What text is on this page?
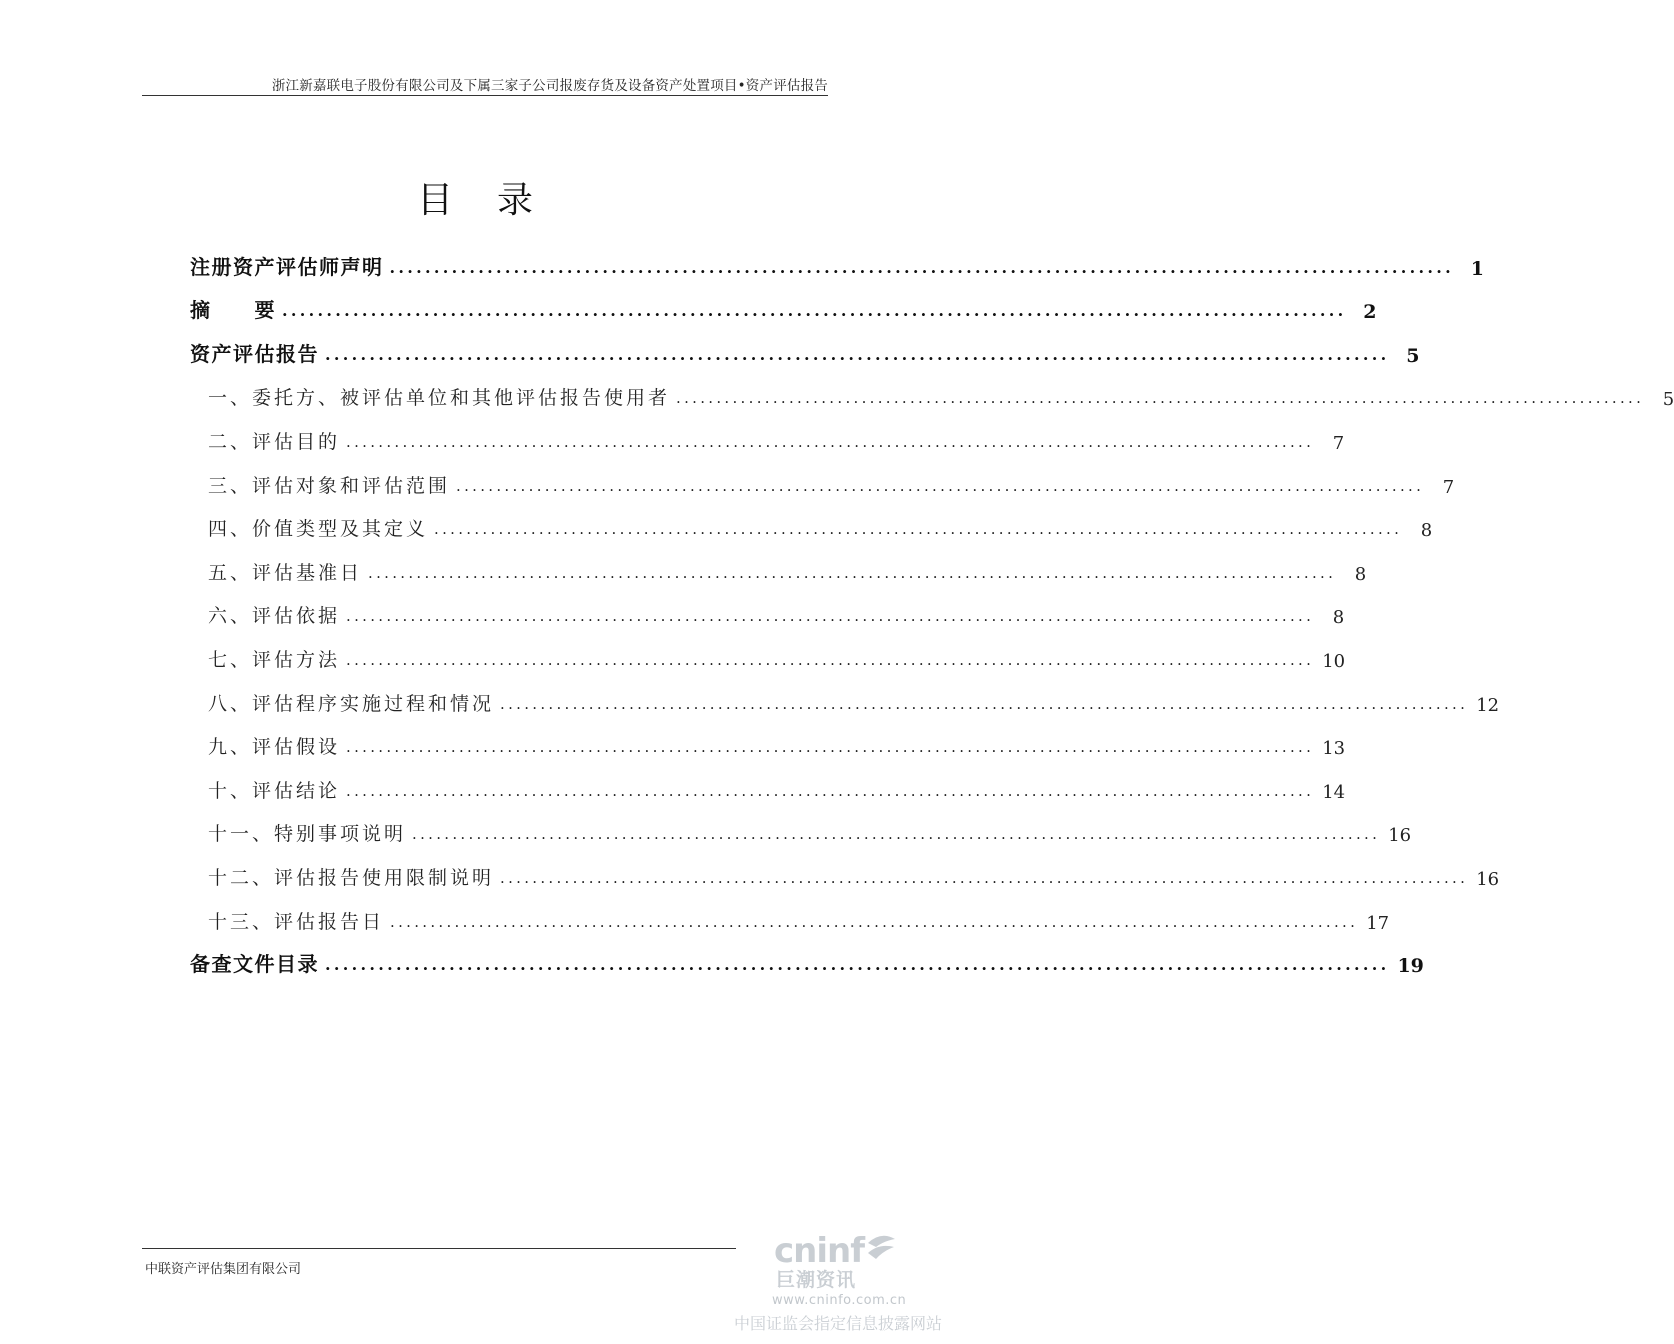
浙江新嘉联电子股份有限公司及下属三家子公司报废存货及设备资产处置项目•资产评估报告
目录
注册资产评估师声明 ........................................................................................................................ 1
摘　　要 ........................................................................................................................ 2
资产评估报告 ........................................................................................................................ 5
一、委托方、被评估单位和其他评估报告使用者 ........................................................................................................................	5
二、评估目的 ........................................................................................................................	7
三、评估对象和评估范围 ........................................................................................................................	7
四、价值类型及其定义 ........................................................................................................................	8
五、评估基准日 ........................................................................................................................	8
六、评估依据 ........................................................................................................................	8
七、评估方法 ........................................................................................................................ 10
八、评估程序实施过程和情况 ........................................................................................................................ 12
九、评估假设 ........................................................................................................................ 13
十、评估结论 ........................................................................................................................ 14
十一、特别事项说明 ........................................................................................................................ 16
十二、评估报告使用限制说明 ........................................................................................................................ 16
十三、评估报告日 ........................................................................................................................ 17
备查文件目录 ........................................................................................................................ 19
中联资产评估集团有限公司	cninf
巨潮资讯
www.cninfo.com.cn
中国证监会指定信息披露网站
